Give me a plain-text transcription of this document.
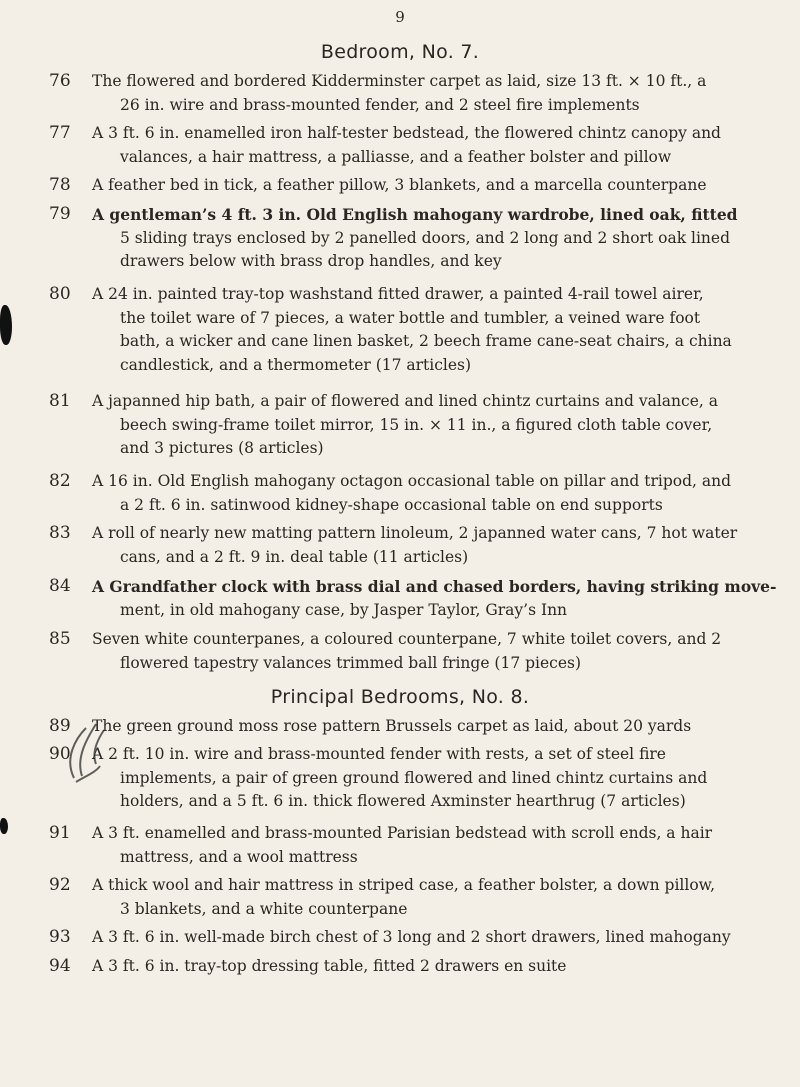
9
Bedroom, No. 7.
76	The flowered and bordered Kidderminster carpet as laid, size 13 ft. × 10 ft., a
26 in. wire and brass-mounted fender, and 2 steel fire implements
77	A 3 ft. 6 in. enamelled iron half-tester bedstead, the flowered chintz canopy and
valances, a hair mattress, a palliasse, and a feather bolster and pillow
78	A feather bed in tick, a feather pillow, 3 blankets, and a marcella counterpane
79	A gentleman’s 4 ft. 3 in. Old English mahogany wardrobe, lined oak, fitted
5 sliding trays enclosed by 2 panelled doors, and 2 long and 2 short oak lined
drawers below with brass drop handles, and key
80	A 24 in. painted tray-top washstand fitted drawer, a painted 4-rail towel airer,
the toilet ware of 7 pieces, a water bottle and tumbler, a veined ware foot
bath, a wicker and cane linen basket, 2 beech frame cane-seat chairs, a china
candlestick, and a thermometer (17 articles)
81	A japanned hip bath, a pair of flowered and lined chintz curtains and valance, a
beech swing-frame toilet mirror, 15 in. × 11 in., a figured cloth table cover,
and 3 pictures (8 articles)
82	A 16 in. Old English mahogany octagon occasional table on pillar and tripod, and
a 2 ft. 6 in. satinwood kidney-shape occasional table on end supports
83	A roll of nearly new matting pattern linoleum, 2 japanned water cans, 7 hot water
cans, and a 2 ft. 9 in. deal table (11 articles)
84	A Grandfather clock with brass dial and chased borders, having striking move-
ment, in old mahogany case, by Jasper Taylor, Gray’s Inn
85	Seven white counterpanes, a coloured counterpane, 7 white toilet covers, and 2
flowered tapestry valances trimmed ball fringe (17 pieces)
Principal Bedrooms, No. 8.
89	The green ground moss rose pattern Brussels carpet as laid, about 20 yards
90	A 2 ft. 10 in. wire and brass-mounted fender with rests, a set of steel fire
implements, a pair of green ground flowered and lined chintz curtains and
holders, and a 5 ft. 6 in. thick flowered Axminster hearthrug (7 articles)
91	A 3 ft. enamelled and brass-mounted Parisian bedstead with scroll ends, a hair
mattress, and a wool mattress
92	A thick wool and hair mattress in striped case, a feather bolster, a down pillow,
3 blankets, and a white counterpane
93	A 3 ft. 6 in. well-made birch chest of 3 long and 2 short drawers, lined mahogany
94	A 3 ft. 6 in. tray-top dressing table, fitted 2 drawers en suite
